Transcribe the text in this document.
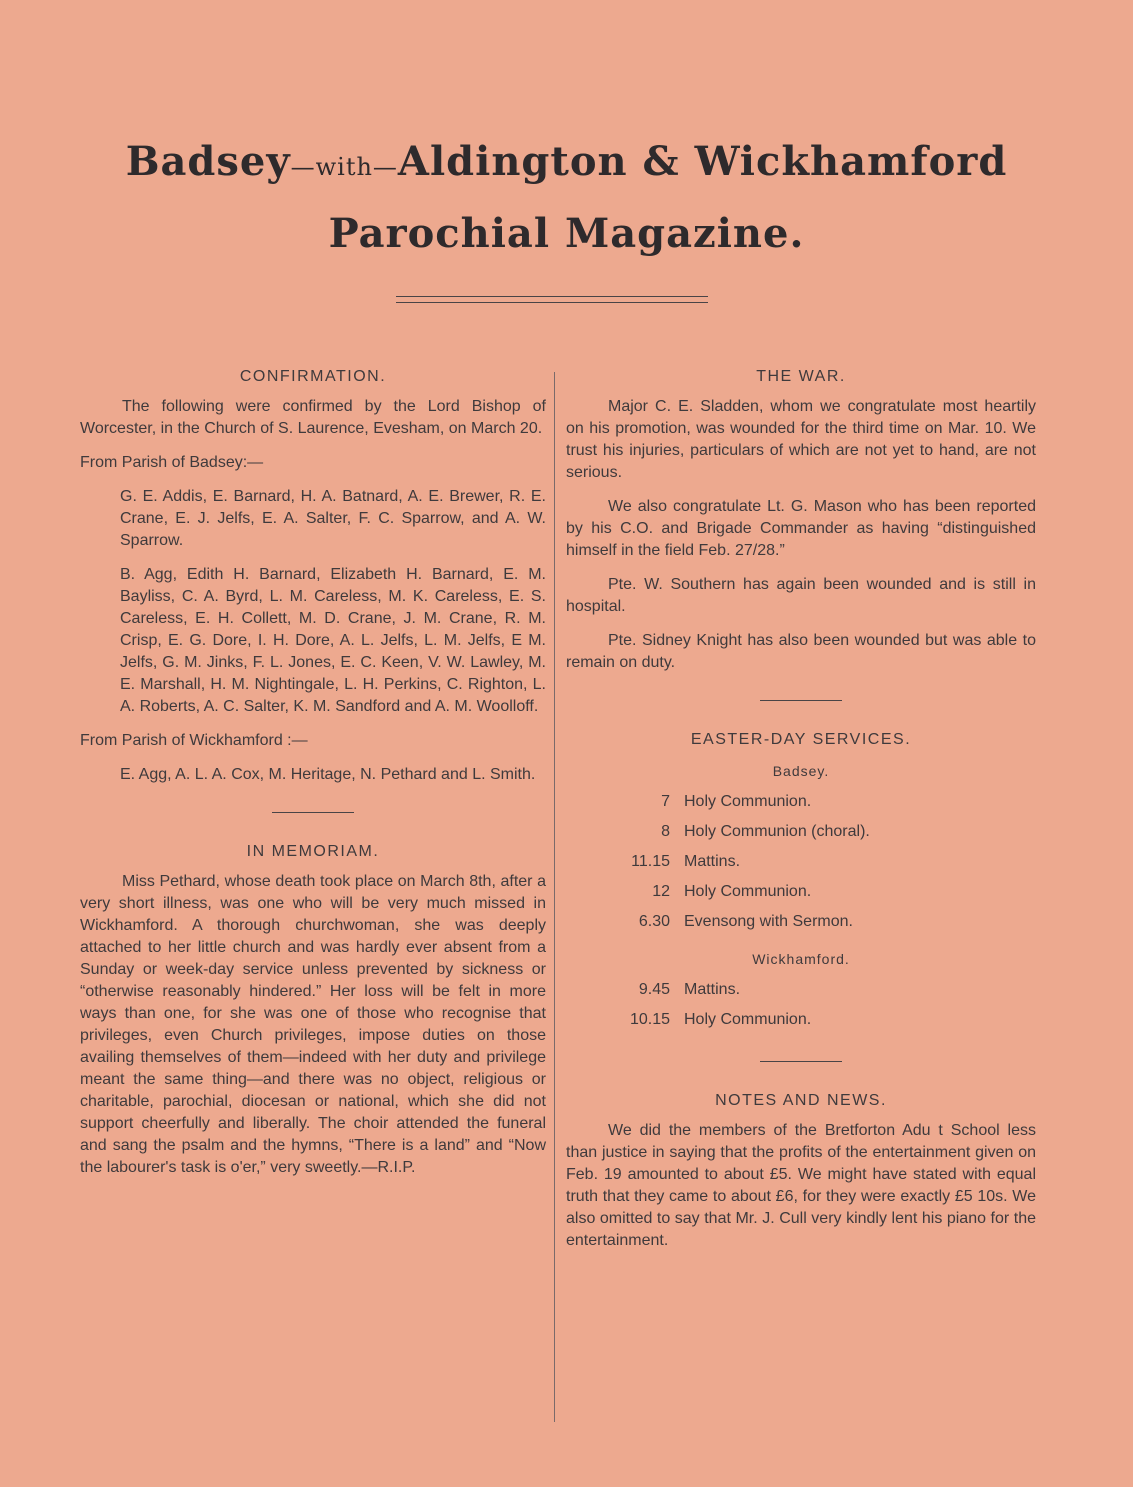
Badsey—with—Aldington & Wickhamford
Parochial Magazine.
CONFIRMATION.

The following were confirmed by the Lord Bishop of Worcester, in the Church of S. Laurence, Evesham, on March 20.

From Parish of Badsey:—

G. E. Addis, E. Barnard, H. A. Batnard, A. E. Brewer, R. E. Crane, E. J. Jelfs, E. A. Salter, F. C. Sparrow, and A. W. Sparrow.

B. Agg, Edith H. Barnard, Elizabeth H. Barnard, E. M. Bayliss, C. A. Byrd, L. M. Careless, M. K. Careless, E. S. Careless, E. H. Collett, M. D. Crane, J. M. Crane, R. M. Crisp, E. G. Dore, I. H. Dore, A. L. Jelfs, L. M. Jelfs, E M. Jelfs, G. M. Jinks, F. L. Jones, E. C. Keen, V. W. Lawley, M. E. Marshall, H. M. Nightingale, L. H. Perkins, C. Righton, L. A. Roberts, A. C. Salter, K. M. Sandford and A. M. Woolloff.

From Parish of Wickhamford :—

E. Agg, A. L. A. Cox, M. Heritage, N. Pethard and L. Smith.

IN MEMORIAM.

Miss Pethard, whose death took place on March 8th, after a very short illness, was one who will be very much missed in Wickhamford. A thorough churchwoman, she was deeply attached to her little church and was hardly ever absent from a Sunday or week-day service unless prevented by sickness or “otherwise reasonably hindered.” Her loss will be felt in more ways than one, for she was one of those who recognise that privileges, even Church privileges, impose duties on those availing themselves of them—indeed with her duty and privilege meant the same thing—and there was no object, religious or charitable, parochial, diocesan or national, which she did not support cheerfully and liberally. The choir attended the funeral and sang the psalm and the hymns, “There is a land” and “Now the labourer's task is o'er,” very sweetly.—R.I.P.

THE WAR.

Major C. E. Sladden, whom we congratulate most heartily on his promotion, was wounded for the third time on Mar. 10. We trust his injuries, particulars of which are not yet to hand, are not serious.

We also congratulate Lt. G. Mason who has been reported by his C.O. and Brigade Commander as having “distinguished himself in the field Feb. 27/28.”

Pte. W. Southern has again been wounded and is still in hospital.

Pte. Sidney Knight has also been wounded but was able to remain on duty.

EASTER-DAY SERVICES.
Badsey.
7 Holy Communion.
8 Holy Communion (choral).
11.15 Mattins.
12 Holy Communion.
6.30 Evensong with Sermon.
Wickhamford.
9.45 Mattins.
10.15 Holy Communion.
NOTES AND NEWS.

We did the members of the Bretforton Adu t School less than justice in saying that the profits of the entertainment given on Feb. 19 amounted to about £5. We might have stated with equal truth that they came to about £6, for they were exactly £5 10s. We also omitted to say that Mr. J. Cull very kindly lent his piano for the entertainment.
